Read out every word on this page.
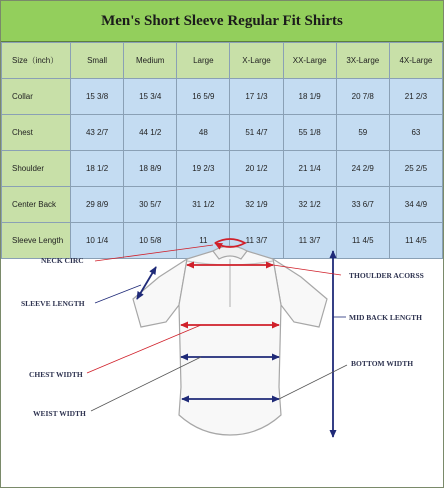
Men's Short Sleeve Regular Fit Shirts
Size（inch）	Small	Medium	Large	X-Large	XX-Large	3X-Large	4X-Large
Collar	15 3/8	15 3/4	16 5/9	17 1/3	18 1/9	20 7/8	21 2/3
Chest	43 2/7	44 1/2	48	51 4/7	55 1/8	59	63
Shoulder	18 1/2	18 8/9	19 2/3	20 1/2	21 1/4	24 2/9	25 2/5
Center Back	29 8/9	30 5/7	31 1/2	32 1/9	32 1/2	33 6/7	34 4/9
Sleeve Length	10 1/4	10 5/8	11	11 3/7	11 3/7	11 4/5	11 4/5
NECK CIRC
SLEEVE LENGTH
CHEST WIDTH
WEIST WIDTH
THOULDER ACORSS
MID BACK LENGTH
BOTTOM WIDTH
